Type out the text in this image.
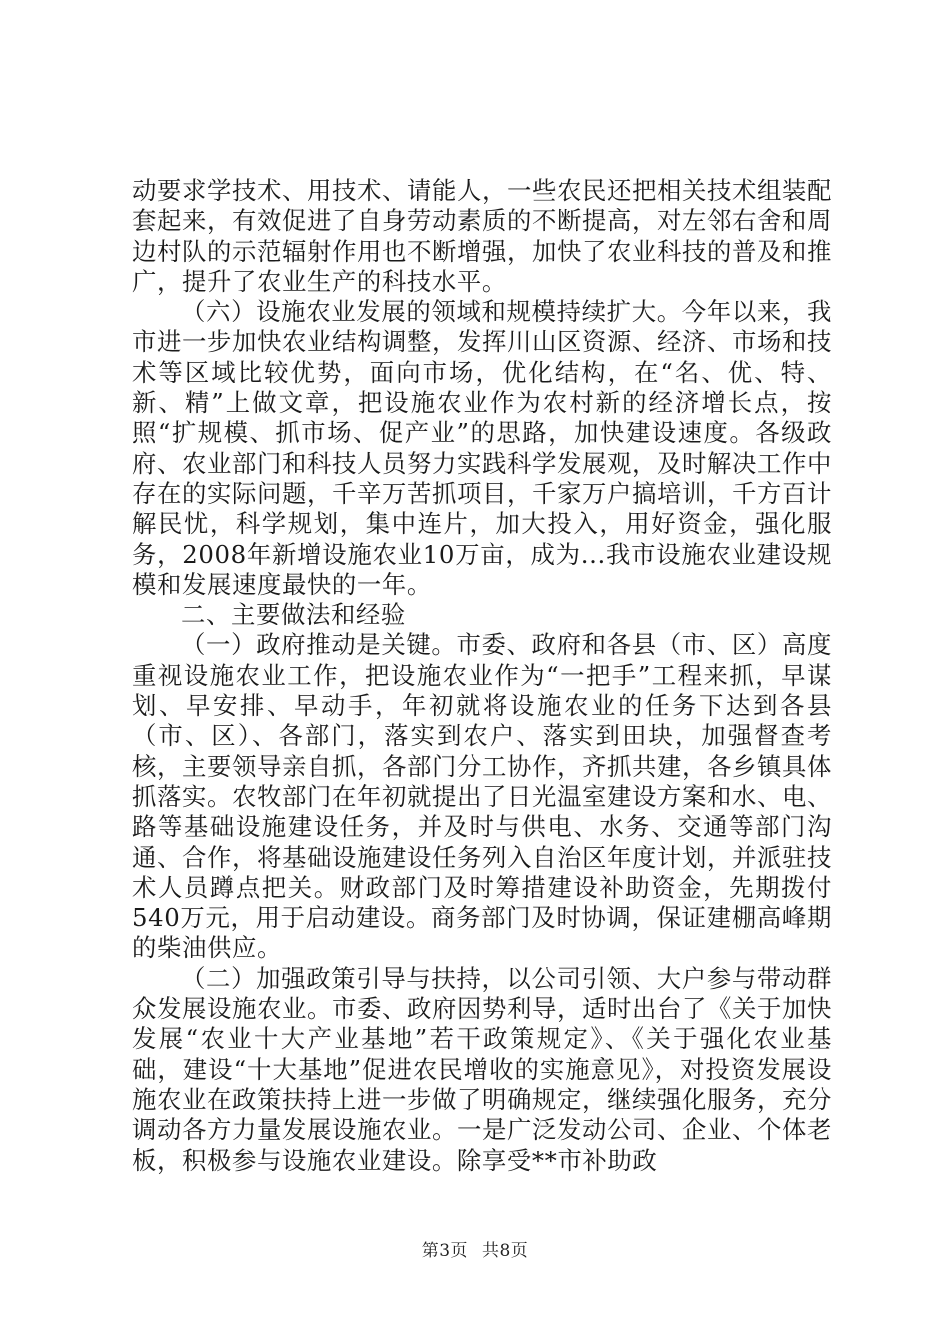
动要求学技术、用技术、请能人，一些农民还把相关技术组装配套起来，有效促进了自身劳动素质的不断提高，对左邻右舍和周边村队的示范辐射作用也不断增强，加快了农业科技的普及和推广，提升了农业生产的科技水平。

（六）设施农业发展的领域和规模持续扩大。今年以来，我市进一步加快农业结构调整，发挥川山区资源、经济、市场和技术等区域比较优势，面向市场，优化结构，在“名、优、特、新、精”上做文章，把设施农业作为农村新的经济增长点，按照“扩规模、抓市场、促产业”的思路，加快建设速度。各级政府、农业部门和科技人员努力实践科学发展观，及时解决工作中存在的实际问题，千辛万苦抓项目，千家万户搞培训，千方百计解民忧，科学规划，集中连片，加大投入，用好资金，强化服务，2008年新增设施农业10万亩，成为...我市设施农业建设规模和发展速度最快的一年。

二、主要做法和经验

（一）政府推动是关键。市委、政府和各县（市、区）高度重视设施农业工作，把设施农业作为“一把手”工程来抓，早谋划、早安排、早动手，年初就将设施农业的任务下达到各县（市、区）、各部门，落实到农户、落实到田块，加强督查考核，主要领导亲自抓，各部门分工协作，齐抓共建，各乡镇具体抓落实。农牧部门在年初就提出了日光温室建设方案和水、电、路等基础设施建设任务，并及时与供电、水务、交通等部门沟通、合作，将基础设施建设任务列入自治区年度计划，并派驻技术人员蹲点把关。财政部门及时筹措建设补助资金，先期拨付540万元，用于启动建设。商务部门及时协调，保证建棚高峰期的柴油供应。

（二）加强政策引导与扶持，以公司引领、大户参与带动群众发展设施农业。市委、政府因势利导，适时出台了《关于加快发展“农业十大产业基地”若干政策规定》、《关于强化农业基础，建设“十大基地”促进农民增收的实施意见》，对投资发展设施农业在政策扶持上进一步做了明确规定，继续强化服务，充分调动各方力量发展设施农业。一是广泛发动公司、企业、个体老板，积极参与设施农业建设。除享受**市补助政

第3页 共8页
